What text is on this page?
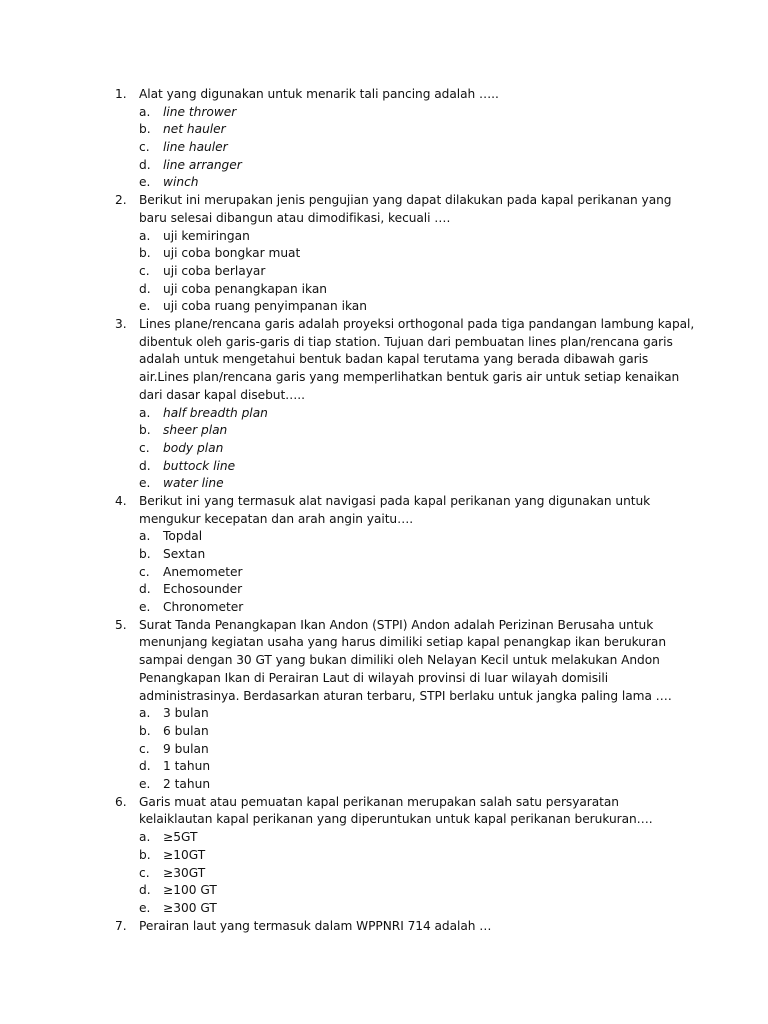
1. Alat yang digunakan untuk menarik tali pancing adalah …..
a. line thrower
b. net hauler
c. line hauler
d. line arranger
e. winch
2. Berikut ini merupakan jenis pengujian yang dapat dilakukan pada kapal perikanan yang baru selesai dibangun atau dimodifikasi, kecuali ….
a. uji kemiringan
b. uji coba bongkar muat
c. uji coba berlayar
d. uji coba penangkapan ikan
e. uji coba ruang penyimpanan ikan
3. Lines plane/rencana garis adalah proyeksi orthogonal pada tiga pandangan lambung kapal, dibentuk oleh garis-garis di tiap station. Tujuan dari pembuatan lines plan/rencana garis adalah untuk mengetahui bentuk badan kapal terutama yang berada dibawah garis air.Lines plan/rencana garis yang memperlihatkan bentuk garis air untuk setiap kenaikan dari dasar kapal disebut…..
a. half breadth plan
b. sheer plan
c. body plan
d. buttock line
e. water line
4. Berikut ini yang termasuk alat navigasi pada kapal perikanan yang digunakan untuk mengukur kecepatan dan arah angin yaitu….
a. Topdal
b. Sextan
c. Anemometer
d. Echosounder
e. Chronometer
5. Surat Tanda Penangkapan Ikan Andon (STPI) Andon adalah Perizinan Berusaha untuk menunjang kegiatan usaha yang harus dimiliki setiap kapal penangkap ikan berukuran sampai dengan 30 GT yang bukan dimiliki oleh Nelayan Kecil untuk melakukan Andon Penangkapan Ikan di Perairan Laut di wilayah provinsi di luar wilayah domisili administrasinya. Berdasarkan aturan terbaru, STPI berlaku untuk jangka paling lama ….
a. 3 bulan
b. 6 bulan
c. 9 bulan
d. 1 tahun
e. 2 tahun
6. Garis muat atau pemuatan kapal perikanan merupakan salah satu persyaratan kelaiklautan kapal perikanan yang diperuntukan untuk kapal perikanan berukuran….
a. ≥5GT
b. ≥10GT
c. ≥30GT
d. ≥100 GT
e. ≥300 GT
7. Perairan laut yang termasuk dalam WPPNRI 714 adalah …
